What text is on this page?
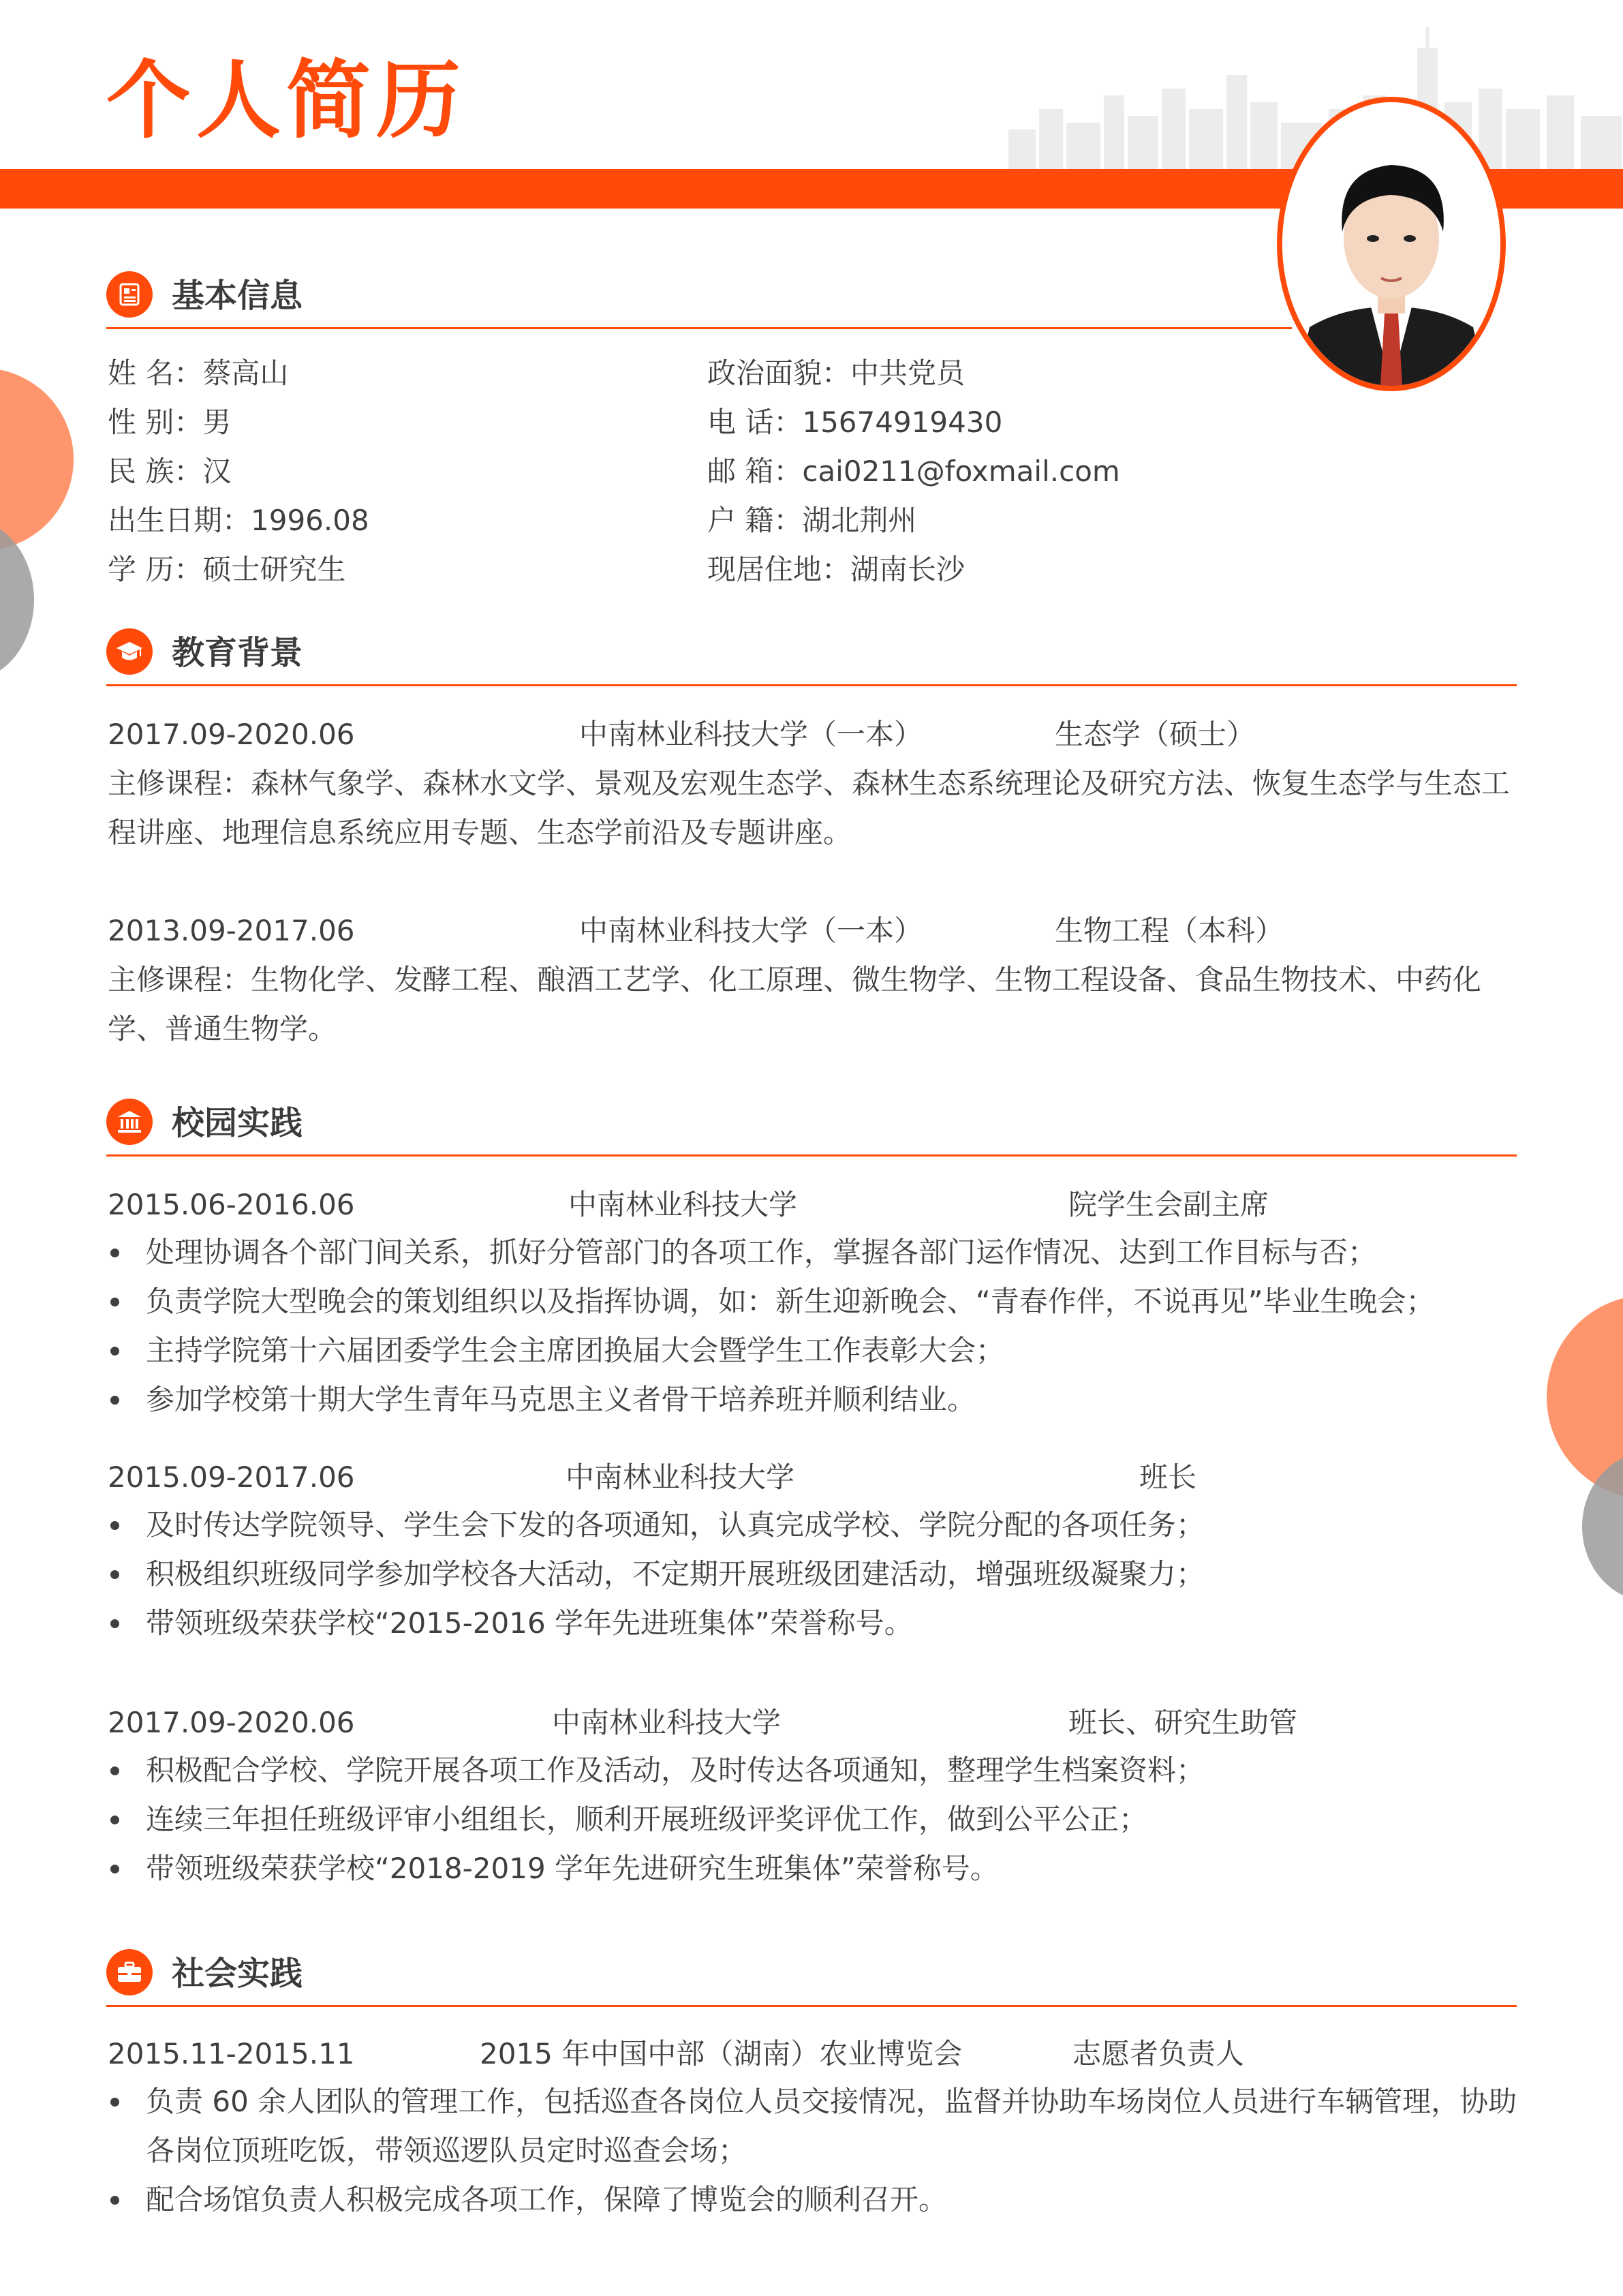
个人简历
基本信息
姓 名：蔡高山
性 别：男
民 族：汉
出生日期：1996.08
学 历：硕士研究生
政治面貌：中共党员
电 话：15674919430
邮 箱：cai0211@foxmail.com
户 籍：湖北荆州
现居住地：湖南长沙
教育背景
2017.09-2020.06	中南林业科技大学（一本）	生态学（硕士）
主修课程：森林气象学、森林水文学、景观及宏观生态学、森林生态系统理论及研究方法、恢复生态学与生态工程讲座、地理信息系统应用专题、生态学前沿及专题讲座。
2013.09-2017.06	中南林业科技大学（一本）	生物工程（本科）
主修课程：生物化学、发酵工程、酿酒工艺学、化工原理、微生物学、生物工程设备、食品生物技术、中药化学、普通生物学。
校园实践
2015.06-2016.06	中南林业科技大学	院学生会副主席
处理协调各个部门间关系，抓好分管部门的各项工作，掌握各部门运作情况、达到工作目标与否；
负责学院大型晚会的策划组织以及指挥协调，如：新生迎新晚会、“青春作伴，不说再见”毕业生晚会；
主持学院第十六届团委学生会主席团换届大会暨学生工作表彰大会；
参加学校第十期大学生青年马克思主义者骨干培养班并顺利结业。
2015.09-2017.06	中南林业科技大学	班长
及时传达学院领导、学生会下发的各项通知，认真完成学校、学院分配的各项任务；
积极组织班级同学参加学校各大活动，不定期开展班级团建活动，增强班级凝聚力；
带领班级荣获学校“2015-2016 学年先进班集体”荣誉称号。
2017.09-2020.06	中南林业科技大学	班长、研究生助管
积极配合学校、学院开展各项工作及活动，及时传达各项通知，整理学生档案资料；
连续三年担任班级评审小组组长，顺利开展班级评奖评优工作，做到公平公正；
带领班级荣获学校“2018-2019 学年先进研究生班集体”荣誉称号。
社会实践
2015.11-2015.11	2015 年中国中部（湖南）农业博览会	志愿者负责人
负责 60 余人团队的管理工作，包括巡查各岗位人员交接情况，监督并协助车场岗位人员进行车辆管理，协助各岗位顶班吃饭，带领巡逻队员定时巡查会场；
配合场馆负责人积极完成各项工作，保障了博览会的顺利召开。
